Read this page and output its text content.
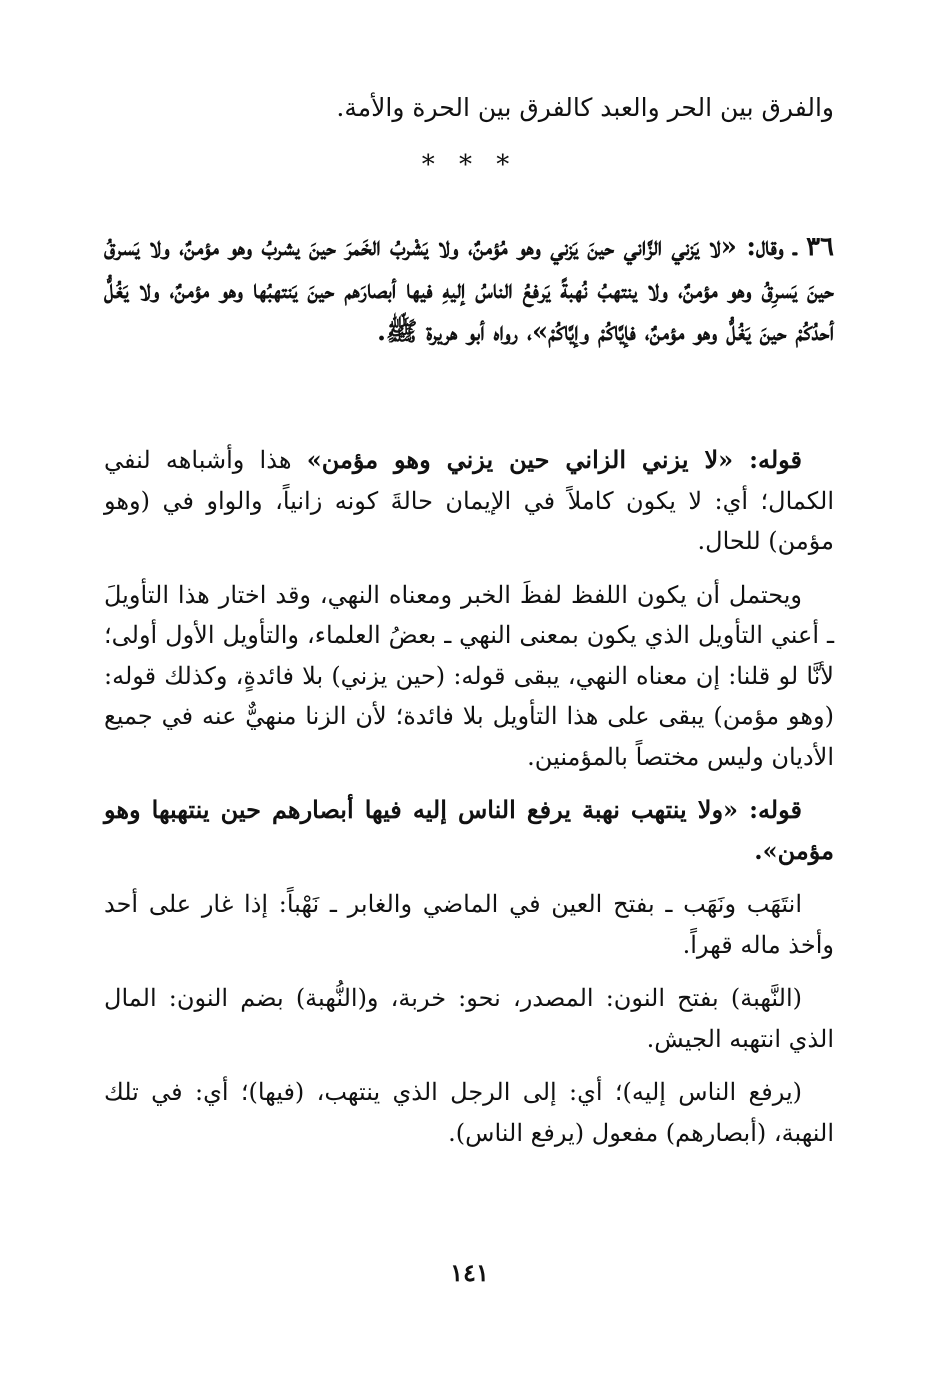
والفرق بين الحر والعبد كالفرق بين الحرة والأمة.
* * *
٣٦ ـ وقال: «لا يَزني الزَّاني حينَ يَزني وهو مُؤمنٌ، ولا يَشْربُ الخَمرَ حينَ يشربُ وهو مؤمنٌ، ولا يَسرقُ حينَ يَسرِقُ وهو مؤمنٌ، ولا ينتهبُ نُهبةً يَرفعُ الناسُ إليهِ فيها أبصارَهم حينَ يَنتهبُها وهو مؤمنٌ، ولا يَغُلُّ أحدُكُمْ حينَ يَغُلُّ وهو مؤمنٌ، فإيَّاكُمْ وإيَّاكُمْ»، رواه أبو هريرة ﷺ.

قوله: «لا يزني الزاني حين يزني وهو مؤمن» هذا وأشباهه لنفي الكمال؛ أي: لا يكون كاملاً في الإيمان حالةَ كونه زانياً، والواو في (وهو مؤمن) للحال.

ويحتمل أن يكون اللفظ لفظَ الخبر ومعناه النهي، وقد اختار هذا التأويلَ ـ أعني التأويل الذي يكون بمعنى النهي ـ بعضُ العلماء، والتأويل الأول أولى؛ لأنَّا لو قلنا: إن معناه النهي، يبقى قوله: (حين يزني) بلا فائدةٍ، وكذلك قوله: (وهو مؤمن) يبقى على هذا التأويل بلا فائدة؛ لأن الزنا منهيٌّ عنه في جميع الأديان وليس مختصاً بالمؤمنين.

قوله: «ولا ينتهب نهبة يرفع الناس إليه فيها أبصارهم حين ينتهبها وهو مؤمن».

انتَهَب ونَهَب ـ بفتح العين في الماضي والغابر ـ نَهْباً: إذا غار على أحد وأخذ ماله قهراً.

(النَّهبة) بفتح النون: المصدر، نحو: خربة، و(النُّهبة) بضم النون: المال الذي انتهبه الجيش.

(يرفع الناس إليه)؛ أي: إلى الرجل الذي ينتهب، (فيها)؛ أي: في تلك النهبة، (أبصارهم) مفعول (يرفع الناس).

١٤١
